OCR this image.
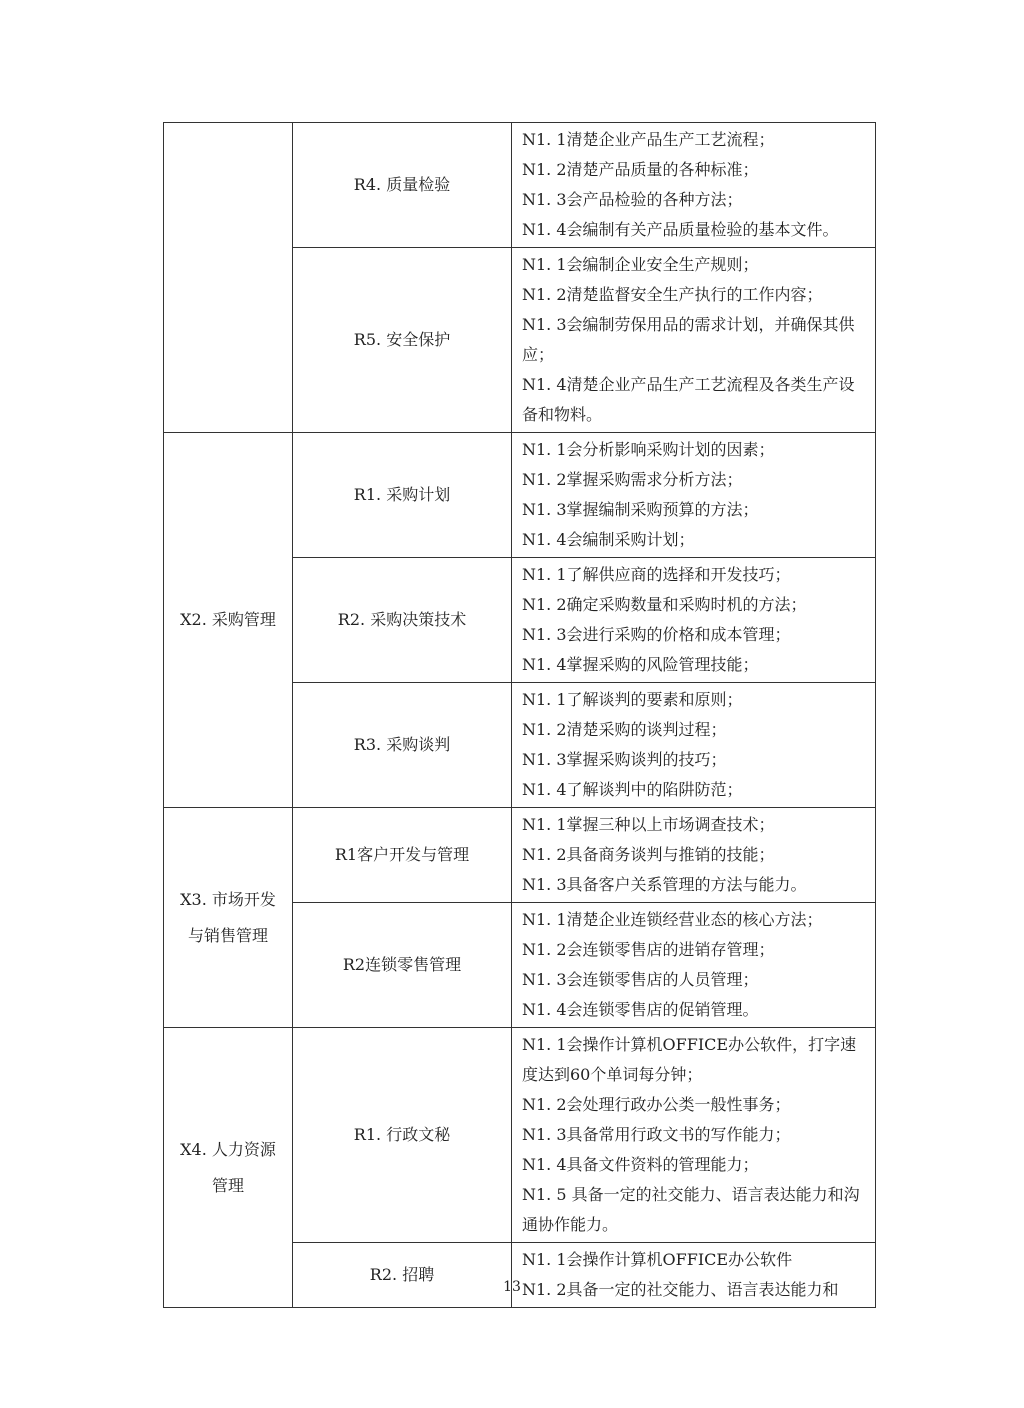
	R4. 质量检验	N1. 1清楚企业产品生产工艺流程；
N1. 2清楚产品质量的各种标准；
N1. 3会产品检验的各种方法；
N1. 4会编制有关产品质量检验的基本文件。

	R5. 安全保护	N1. 1会编制企业安全生产规则；
N1. 2清楚监督安全生产执行的工作内容；
N1. 3会编制劳保用品的需求计划，并确保其供应；
N1. 4清楚企业产品生产工艺流程及各类生产设备和物料。

X2. 采购管理	R1. 采购计划	N1. 1会分析影响采购计划的因素；
N1. 2掌握采购需求分析方法；
N1. 3掌握编制采购预算的方法；
N1. 4会编制采购计划；

	R2. 采购决策技术	N1. 1了解供应商的选择和开发技巧；
N1. 2确定采购数量和采购时机的方法；
N1. 3会进行采购的价格和成本管理；
N1. 4掌握采购的风险管理技能；

	R3. 采购谈判	N1. 1了解谈判的要素和原则；
N1. 2清楚采购的谈判过程；
N1. 3掌握采购谈判的技巧；
N1. 4了解谈判中的陷阱防范；

X3. 市场开发
与销售管理	R1客户开发与管理	N1. 1掌握三种以上市场调查技术；
N1. 2具备商务谈判与推销的技能；
N1. 3具备客户关系管理的方法与能力。

	R2连锁零售管理	N1. 1清楚企业连锁经营业态的核心方法；
N1. 2会连锁零售店的进销存管理；
N1. 3会连锁零售店的人员管理；
N1. 4会连锁零售店的促销管理。

X4. 人力资源
管理	R1. 行政文秘	N1. 1会操作计算机OFFICE办公软件，打字速度达到60个单词每分钟；
N1. 2会处理行政办公类一般性事务；
N1. 3具备常用行政文书的写作能力；
N1. 4具备文件资料的管理能力；
N1. 5 具备一定的社交能力、语言表达能力和沟通协作能力。

	R2. 招聘	N1. 1会操作计算机OFFICE办公软件
N1. 2具备一定的社交能力、语言表达能力和
13
